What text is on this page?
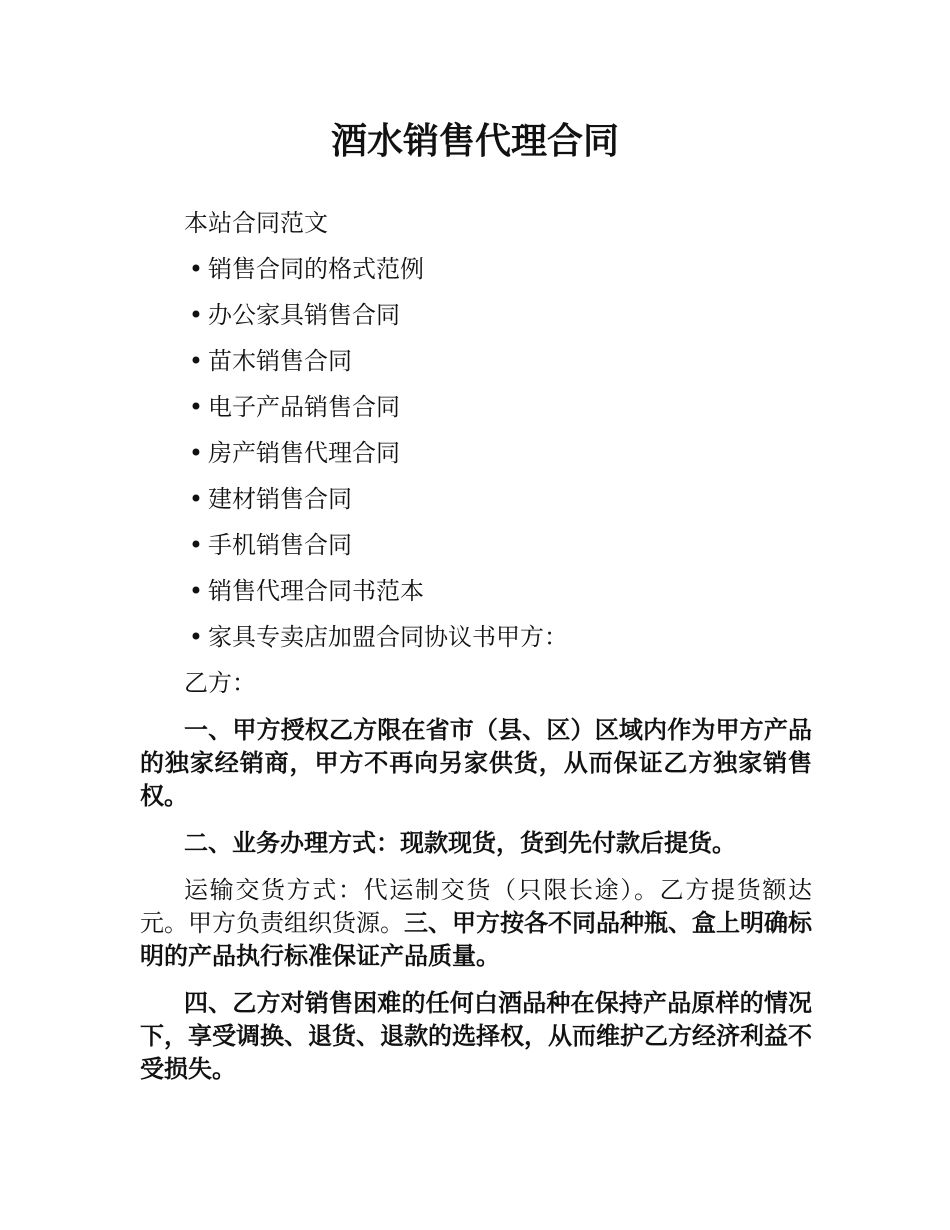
酒水销售代理合同

本站合同范文

• 销售合同的格式范例

• 办公家具销售合同

• 苗木销售合同

• 电子产品销售合同

• 房产销售代理合同

• 建材销售合同

• 手机销售合同

• 销售代理合同书范本

• 家具专卖店加盟合同协议书甲方：

乙方：

一、甲方授权乙方限在省市（县、区）区域内作为甲方产品的独家经销商，甲方不再向另家供货，从而保证乙方独家销售权。

二、业务办理方式：现款现货，货到先付款后提货。

运输交货方式：代运制交货（只限长途）。乙方提货额达元。甲方负责组织货源。三、甲方按各不同品种瓶、盒上明确标明的产品执行标准保证产品质量。

四、乙方对销售困难的任何白酒品种在保持产品原样的情况下，享受调换、退货、退款的选择权，从而维护乙方经济利益不受损失。
